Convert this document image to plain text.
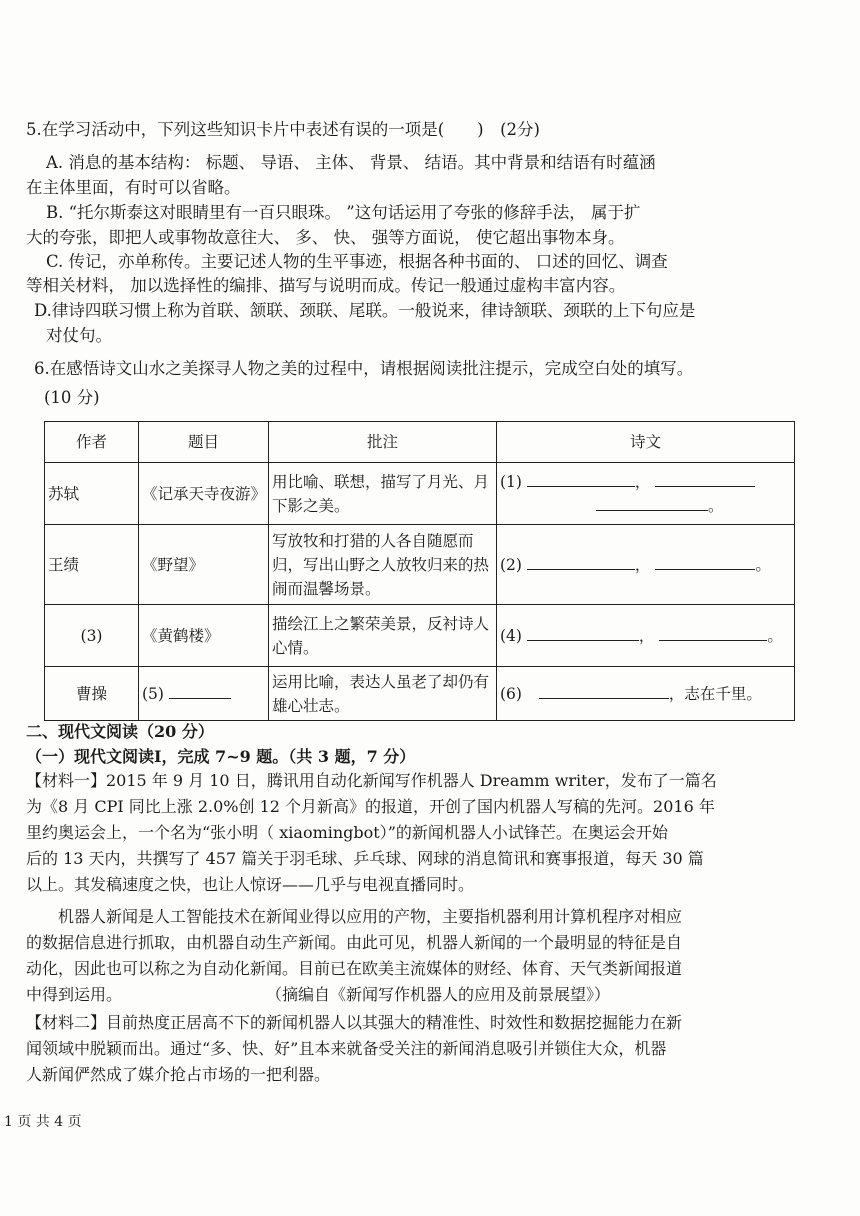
5.在学习活动中，下列这些知识卡片中表述有误的一项是(　　)　(2分)
A. 消息的基本结构： 标题、 导语、 主体、 背景、 结语。其中背景和结语有时蕴涵
在主体里面，有时可以省略。
B. “托尔斯泰这对眼睛里有一百只眼珠。 ”这句话运用了夸张的修辞手法， 属于扩
大的夸张，即把人或事物故意往大、 多、 快、 强等方面说， 使它超出事物本身。
C. 传记，亦单称传。主要记述人物的生平事迹，根据各种书面的、 口述的回忆、调查
等相关材料， 加以选择性的编排、描写与说明而成。传记一般通过虚构丰富内容。
D.律诗四联习惯上称为首联、颔联、颈联、尾联。一般说来，律诗颔联、颈联的上下句应是
对仗句。
6.在感悟诗文山水之美探寻人物之美的过程中，请根据阅读批注提示，完成空白处的填写。
(10 分)
作者	题目	批注	诗文
苏轼	《记承天寺夜游》	用比喻、联想，描写了月光、月下影之美。	(1) ，
。
王绩	《野望》	写放牧和打猎的人各自随愿而归，写出山野之人放牧归来的热闹而温馨场景。	(2) ， 。
(3)	《黄鹤楼》	描绘江上之繁荣美景，反衬诗人心情。	(4) ， 。
曹操	(5)	运用比喻，表达人虽老了却仍有雄心壮志。	(6) ，志在千里。
二、现代文阅读（20 分）
（一）现代文阅读Ⅰ，完成 7~9 题。（共 3 题，7 分）
【材料一】2015 年 9 月 10 日，腾讯用自动化新闻写作机器人 Dreamm writer，发布了一篇名
为《8 月 CPI 同比上涨 2.0%创 12 个月新高》的报道，开创了国内机器人写稿的先河。2016 年
里约奥运会上，一个名为“张小明（ xiaomingbot）”的新闻机器人小试锋芒。在奥运会开始
后的 13 天内，共撰写了 457 篇关于羽毛球、乒乓球、网球的消息简讯和赛事报道，每天 30 篇
以上。其发稿速度之快，也让人惊讶——几乎与电视直播同时。
　　机器人新闻是人工智能技术在新闻业得以应用的产物，主要指机器利用计算机程序对相应
的数据信息进行抓取，由机器自动生产新闻。由此可见，机器人新闻的一个最明显的特征是自
动化，因此也可以称之为自动化新闻。目前已在欧美主流媒体的财经、体育、天气类新闻报道
中得到运用。　　　　　　　　　　（摘编自《新闻写作机器人的应用及前景展望》）
【材料二】目前热度正居高不下的新闻机器人以其强大的精准性、时效性和数据挖掘能力在新
闻领域中脱颖而出。通过“多、快、好”且本来就备受关注的新闻消息吸引并锁住大众，机器
人新闻俨然成了媒介抢占市场的一把利器。
1 页 共 4 页
